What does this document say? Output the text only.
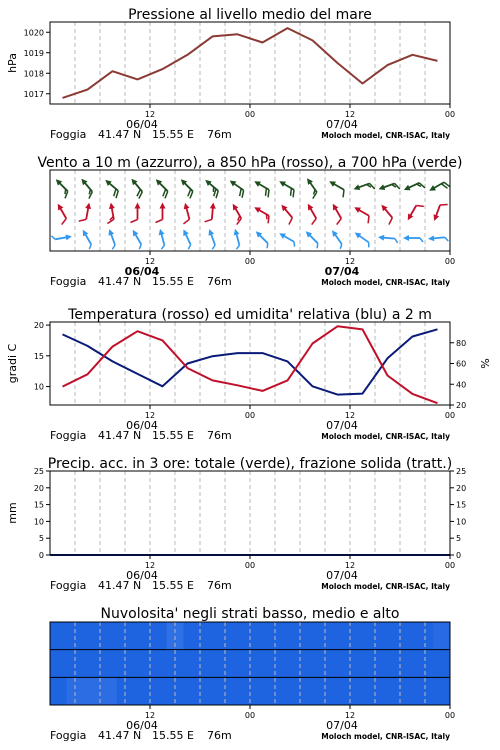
Pressione al livello medio del mare
1017
1018
1019
1020
hPa
12	00	12	00
06/04	07/04
Foggia 41.47 N 15.55 E 76m	Moloch model, CNR-ISAC, Italy
Vento a 10 m (azzurro), a 850 hPa (rosso), a 700 hPa (verde)
12	00	12	00
06/04	07/04
Foggia 41.47 N 15.55 E 76m	Moloch model, CNR-ISAC, Italy
Temperatura (rosso) ed umidita' relativa (blu) a 2 m
10
15
20
20
40
60
80
gradi C	%
12	00	12	00
06/04	07/04
Foggia 41.47 N 15.55 E 76m	Moloch model, CNR-ISAC, Italy
Precip. acc. in 3 ore: totale (verde), frazione solida (tratt.)
0
5
10
15
20
25
0
5
10
15
20
25
mm
12	00	12	00
06/04	07/04
Foggia 41.47 N 15.55 E 76m	Moloch model, CNR-ISAC, Italy
Nuvolosita' negli strati basso, medio e alto
12	00	12	00
06/04	07/04
Foggia 41.47 N 15.55 E 76m	Moloch model, CNR-ISAC, Italy
